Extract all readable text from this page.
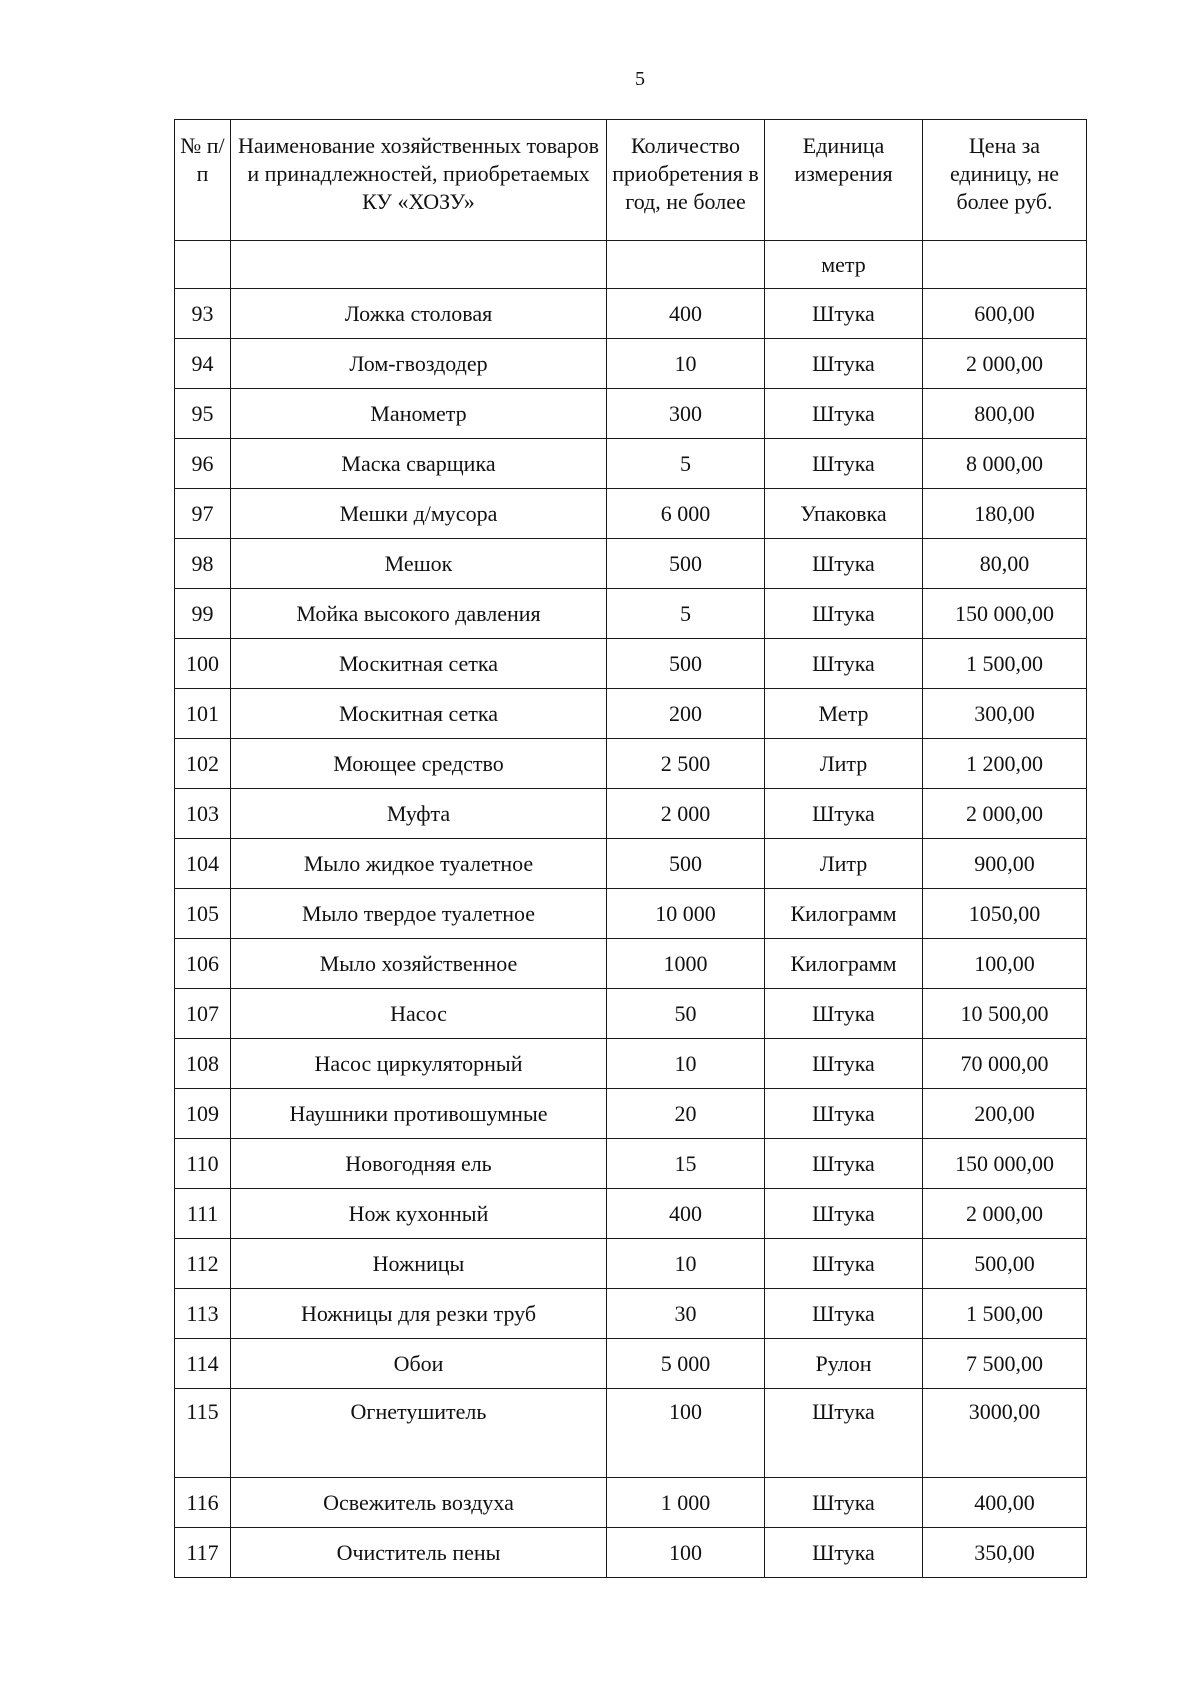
5
№ п/п	Наименование хозяйственных товаров и принадлежностей, приобретаемых КУ «ХОЗУ»	Количество приобретения в год, не более	Единица измерения	Цена за единицу, не более руб.
			метр	
93	Ложка столовая	400	Штука	600,00
94	Лом-гвоздодер	10	Штука	2 000,00
95	Манометр	300	Штука	800,00
96	Маска сварщика	5	Штука	8 000,00
97	Мешки д/мусора	6 000	Упаковка	180,00
98	Мешок	500	Штука	80,00
99	Мойка высокого давления	5	Штука	150 000,00
100	Москитная сетка	500	Штука	1 500,00
101	Москитная сетка	200	Метр	300,00
102	Моющее средство	2 500	Литр	1 200,00
103	Муфта	2 000	Штука	2 000,00
104	Мыло жидкое туалетное	500	Литр	900,00
105	Мыло твердое туалетное	10 000	Килограмм	1050,00
106	Мыло хозяйственное	1000	Килограмм	100,00
107	Насос	50	Штука	10 500,00
108	Насос циркуляторный	10	Штука	70 000,00
109	Наушники противошумные	20	Штука	200,00
110	Новогодняя ель	15	Штука	150 000,00
111	Нож кухонный	400	Штука	2 000,00
112	Ножницы	10	Штука	500,00
113	Ножницы для резки труб	30	Штука	1 500,00
114	Обои	5 000	Рулон	7 500,00
115	Огнетушитель	100	Штука	3000,00
116	Освежитель воздуха	1 000	Штука	400,00
117	Очиститель пены	100	Штука	350,00
